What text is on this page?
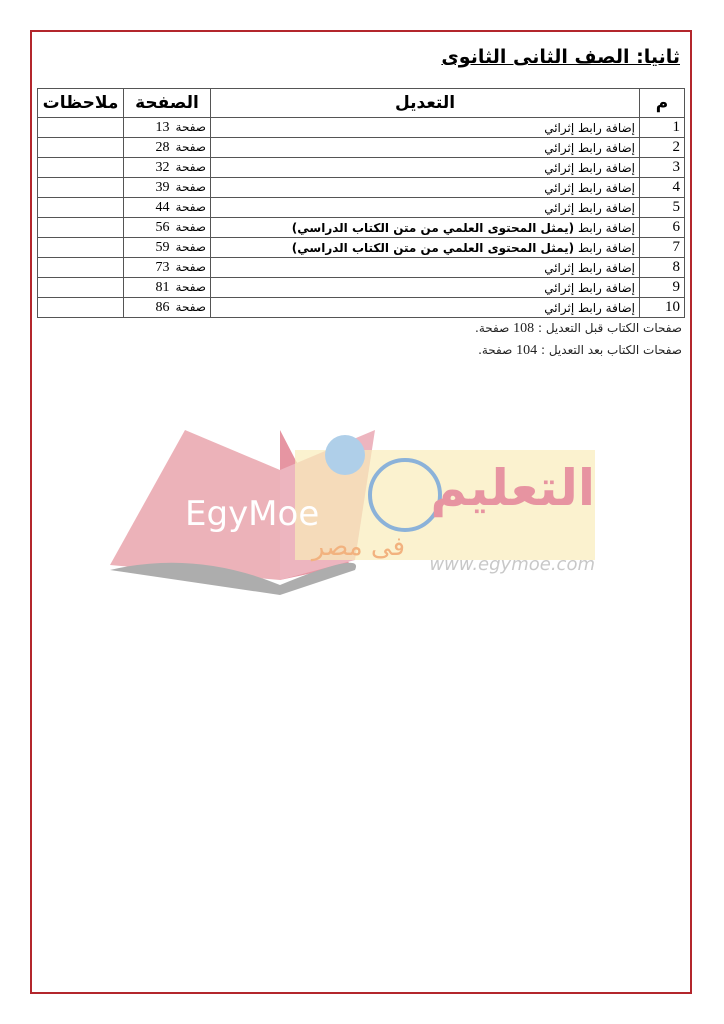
ثانيا: الصف الثانى الثانوى
م	التعديل	الصفحة	ملاحظات
1	إضافة رابط إثرائي	صفحة13	
2	إضافة رابط إثرائي	صفحة28	
3	إضافة رابط إثرائي	صفحة32	
4	إضافة رابط إثرائي	صفحة39	
5	إضافة رابط إثرائي	صفحة44	
6	إضافة رابط (يمثل المحتوى العلمي من متن الكتاب الدراسي)	صفحة56	
7	إضافة رابط (يمثل المحتوى العلمي من متن الكتاب الدراسي)	صفحة59	
8	إضافة رابط إثرائي	صفحة73	
9	إضافة رابط إثرائي	صفحة81	
10	إضافة رابط إثرائي	صفحة86	
صفحات الكتاب قبل التعديل : 108 صفحة.
صفحات الكتاب بعد التعديل : 104 صفحة.
EgyMoe التعليم
فى مصر
www.egymoe.com
